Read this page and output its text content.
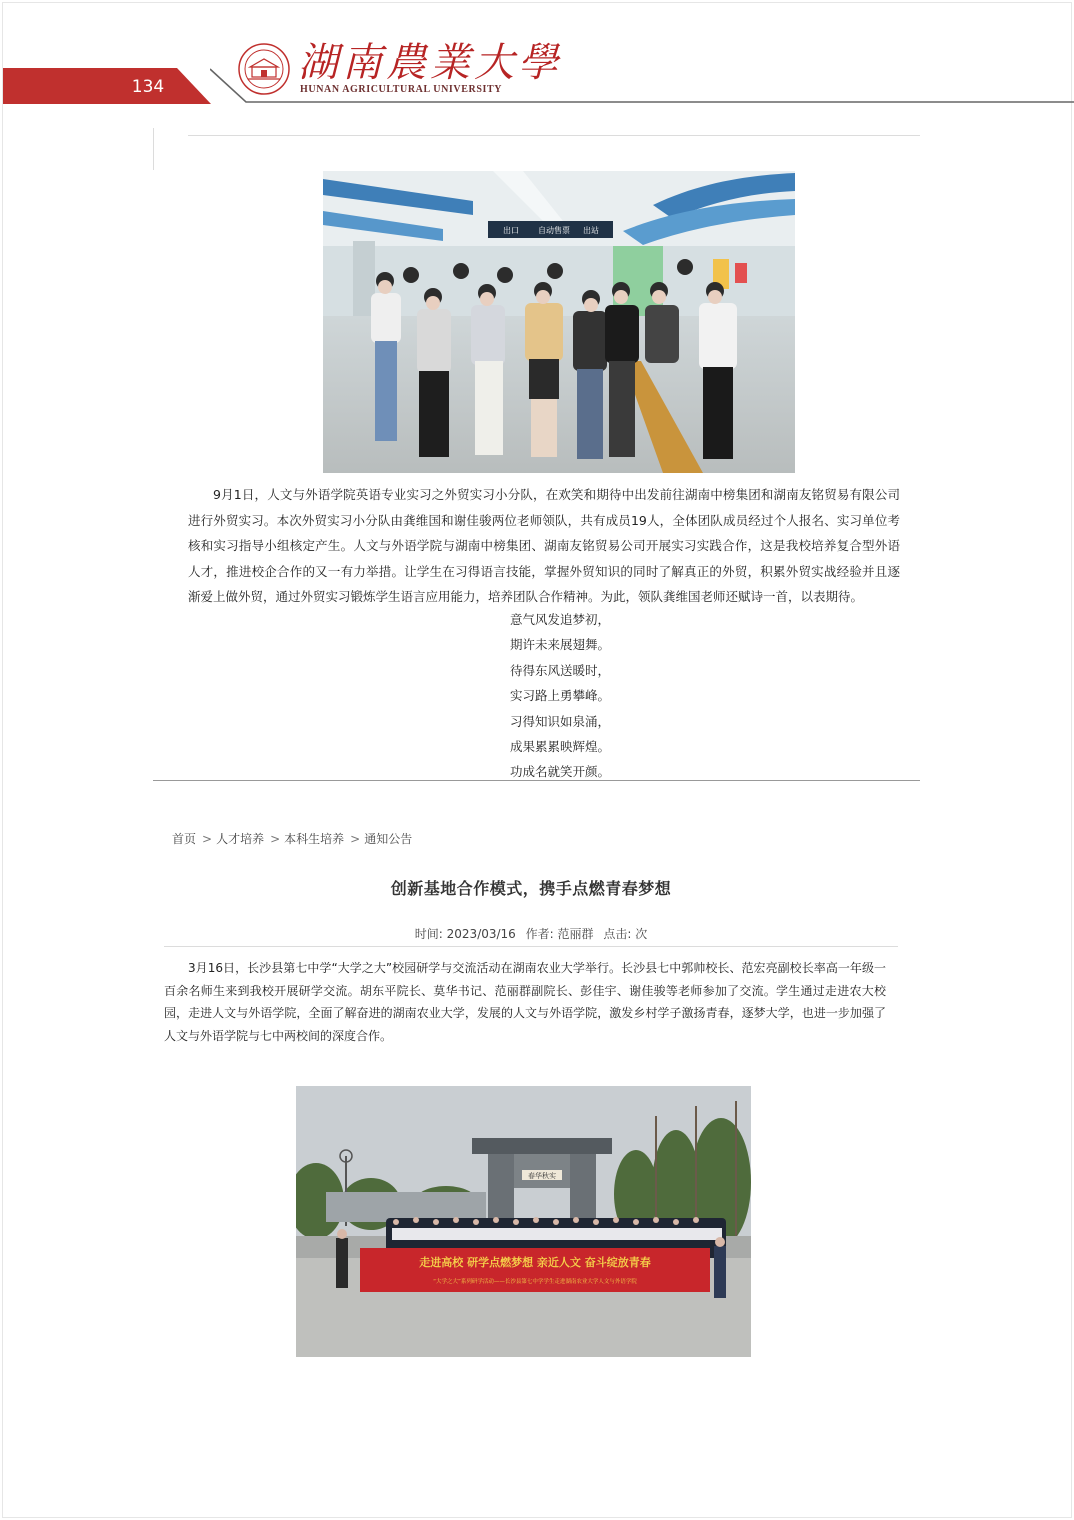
134
湖南農業大學
HUNAN AGRICULTURAL UNIVERSITY
出口 自动售票 出站
9月1日，人文与外语学院英语专业实习之外贸实习小分队，在欢笑和期待中出发前往湖南中榜集团和湖南友铭贸易有限公司进行外贸实习。本次外贸实习小分队由龚维国和谢佳骏两位老师领队，共有成员19人，全体团队成员经过个人报名、实习单位考核和实习指导小组核定产生。人文与外语学院与湖南中榜集团、湖南友铭贸易公司开展实习实践合作，这是我校培养复合型外语人才，推进校企合作的又一有力举措。让学生在习得语言技能，掌握外贸知识的同时了解真正的外贸，积累外贸实战经验并且逐渐爱上做外贸，通过外贸实习锻炼学生语言应用能力，培养团队合作精神。为此，领队龚维国老师还赋诗一首，以表期待。
意气风发追梦初，
期许未来展翅舞。
待得东风送暖时，
实习路上勇攀峰。
习得知识如泉涌，
成果累累映辉煌。
功成名就笑开颜。
首页 > 人才培养 > 本科生培养 > 通知公告
创新基地合作模式，携手点燃青春梦想
时间: 2023/03/16 作者: 范丽群 点击: 次
3月16日，长沙县第七中学“大学之大”校园研学与交流活动在湖南农业大学举行。长沙县七中郭帅校长、范宏亮副校长率高一年级一百余名师生来到我校开展研学交流。胡东平院长、莫华书记、范丽群副院长、彭佳宇、谢佳骏等老师参加了交流。学生通过走进农大校园，走进人文与外语学院，全面了解奋进的湖南农业大学，发展的人文与外语学院，激发乡村学子激扬青春，逐梦大学，也进一步加强了人文与外语学院与七中两校间的深度合作。
春华秋实
走进高校 研学点燃梦想 亲近人文 奋斗绽放青春
“大学之大”系列研学活动——长沙县第七中学学生走进湖南农业大学人文与外语学院
